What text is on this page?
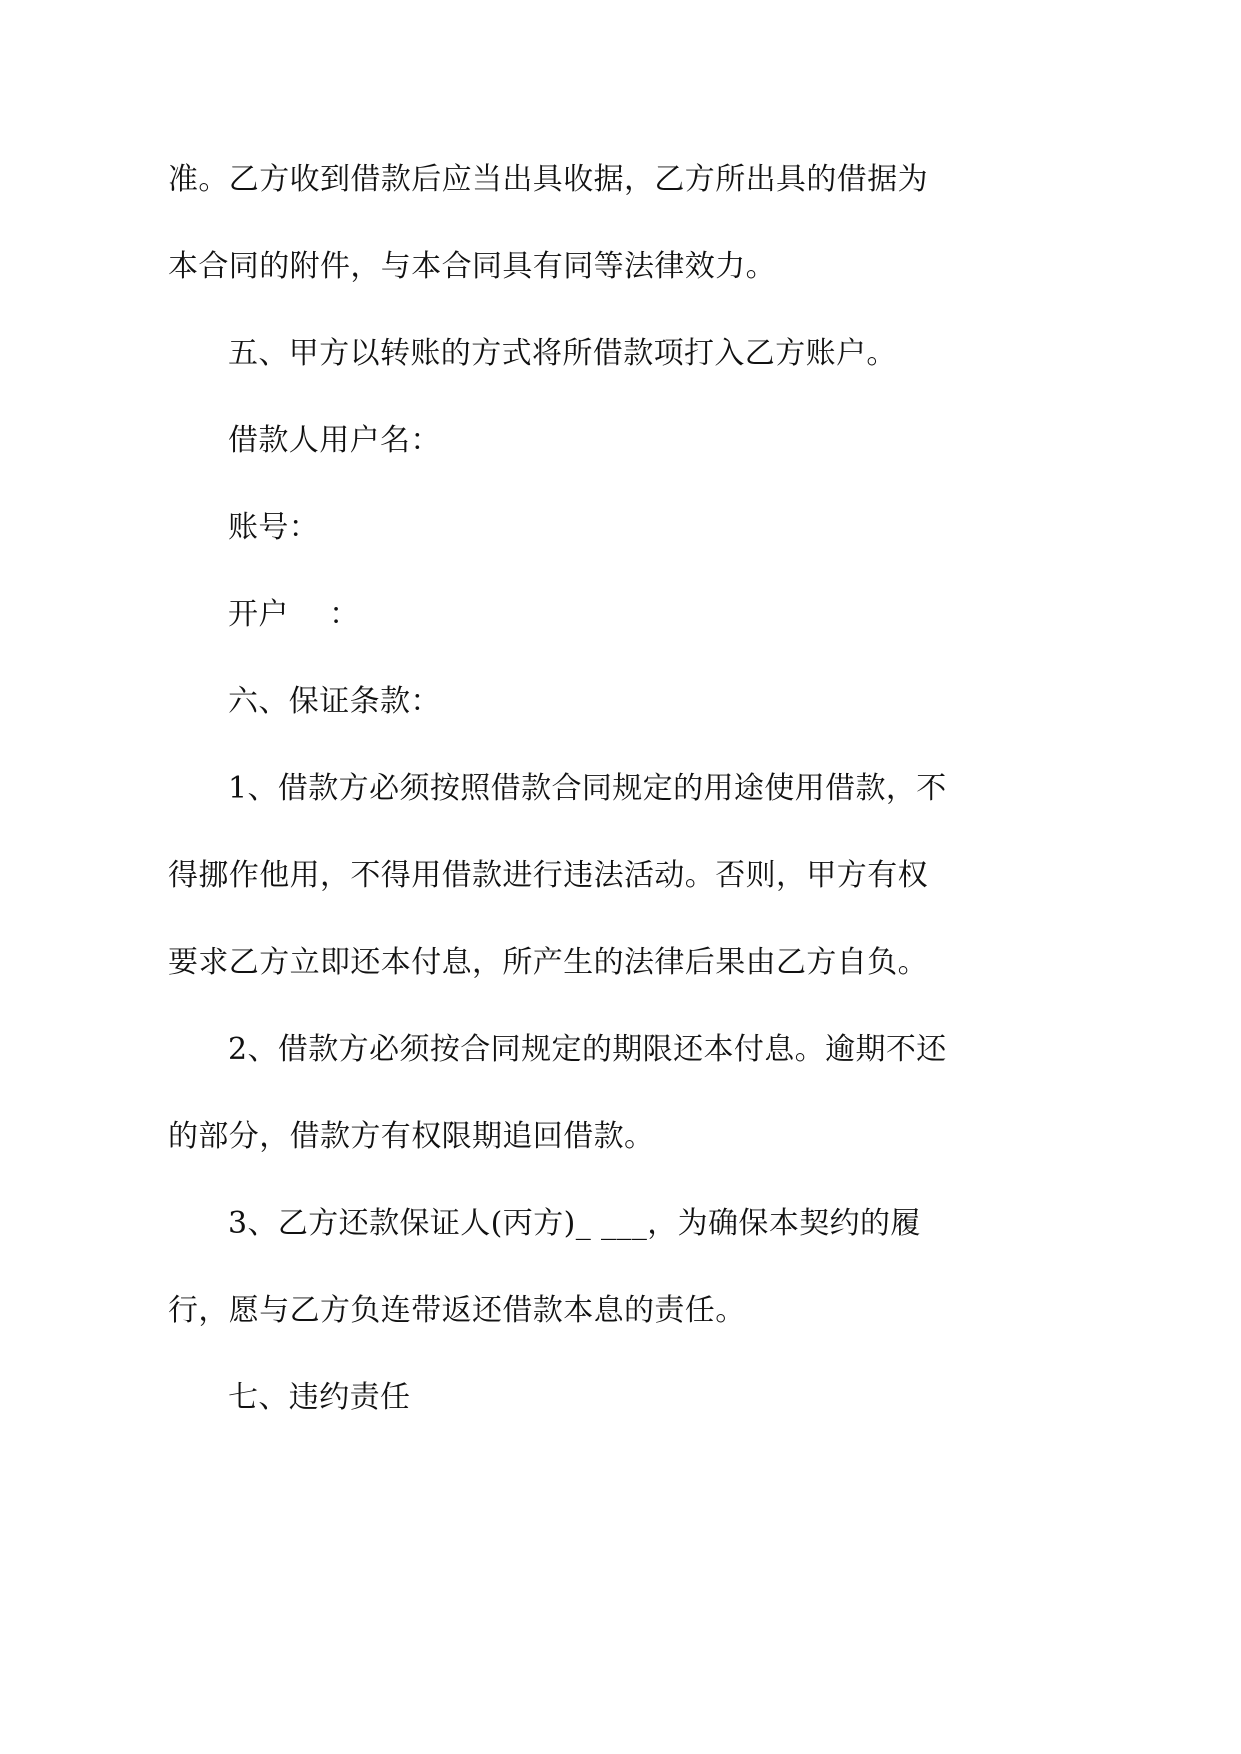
准。乙方收到借款后应当出具收据，乙方所出具的借据为
本合同的附件，与本合同具有同等法律效力。
五、甲方以转账的方式将所借款项打入乙方账户。
借款人用户名：
账号：
开户　 ：
六、保证条款：
1、借款方必须按照借款合同规定的用途使用借款，不
得挪作他用，不得用借款进行违法活动。否则，甲方有权
要求乙方立即还本付息，所产生的法律后果由乙方自负。
2、借款方必须按合同规定的期限还本付息。逾期不还
的部分，借款方有权限期追回借款。
3、乙方还款保证人(丙方)_ ___，为确保本契约的履
行，愿与乙方负连带返还借款本息的责任。
七、违约责任
